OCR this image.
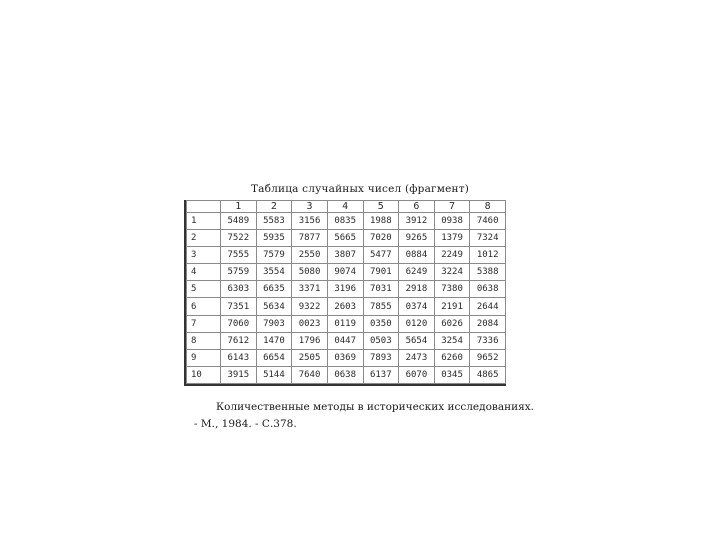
Таблица случайных чисел (фрагмент)
	1	2	3	4	5	6	7	8
1	5489	5583	3156	0835	1988	3912	0938	7460
2	7522	5935	7877	5665	7020	9265	1379	7324
3	7555	7579	2550	3807	5477	0884	2249	1012
4	5759	3554	5080	9074	7901	6249	3224	5388
5	6303	6635	3371	3196	7031	2918	7380	0638
6	7351	5634	9322	2603	7855	0374	2191	2644
7	7060	7903	0023	0119	0350	0120	6026	2084
8	7612	1470	1796	0447	0503	5654	3254	7336
9	6143	6654	2505	0369	7893	2473	6260	9652
10	3915	5144	7640	0638	6137	6070	0345	4865
Количественные методы в исторических исследованиях. - М., 1984. - С.378.
